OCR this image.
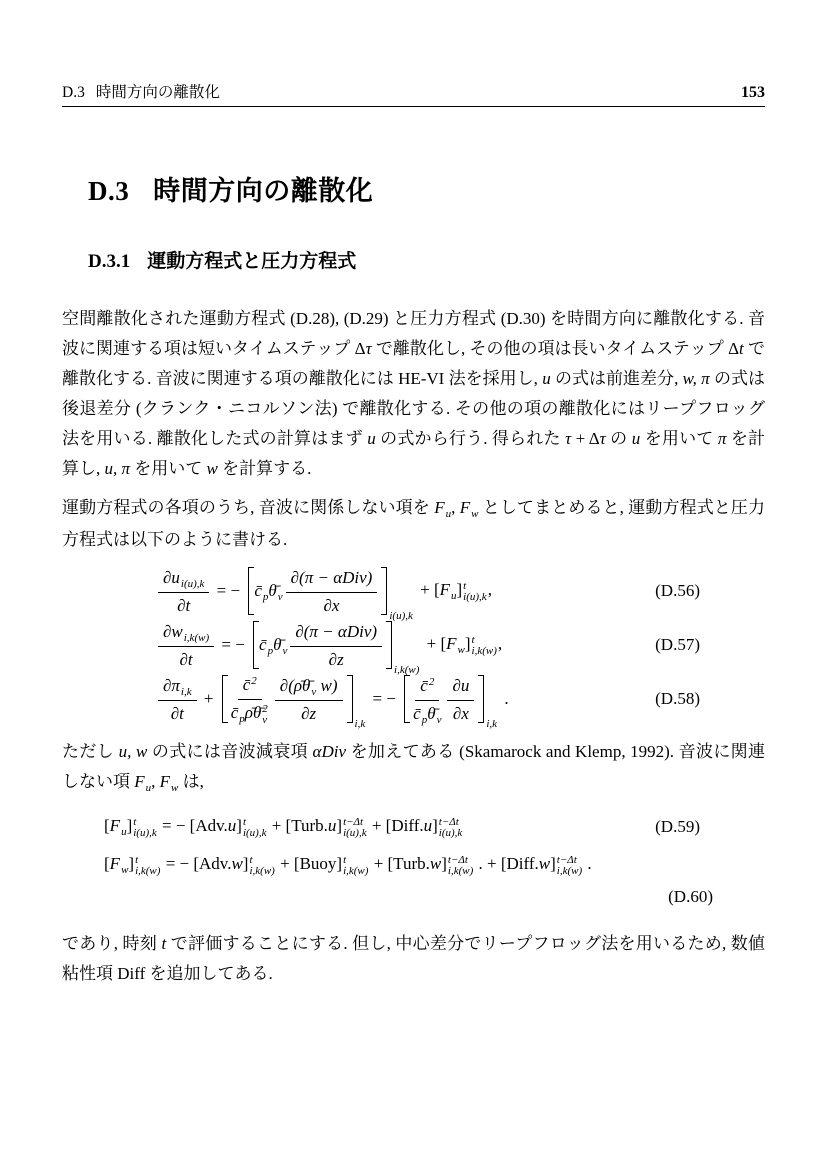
D.3 時間方向の離散化	153
D.3 時間方向の離散化
D.3.1 運動方程式と圧力方程式

空間離散化された運動方程式 (D.28), (D.29) と圧力方程式 (D.30) を時間方向に離散化する. 音波に関連する項は短いタイムステップ Δτ で離散化し, その他の項は長いタイムステップ Δt で離散化する. 音波に関連する項の離散化には HE-VI 法を採用し, u の式は前進差分, w, π の式は後退差分 (クランク・ニコルソン法) で離散化する. その他の項の離散化にはリープフロッグ法を用いる. 離散化した式の計算はまず u の式から行う. 得られた τ + Δτ の u を用いて π を計算し, u, π を用いて w を計算する.

運動方程式の各項のうち, 音波に関係しない項を $F_u$, $F_w$ としてまとめると, 運動方程式と圧力方程式は以下のように書ける.

$\frac{\partial u_{i(u),k}}{\partial t}$ = − $c̄_p\thetā_v \frac{\text{∂(π − αDiv)}}{\partial x} i(u),k$
+ $[F_u]$ t
i(u),k ,	(D.56)
$\frac{\partial w_{i,k(w)}}{\partial t}$ = − $c̄_p\thetā_v \frac{\text{∂(π − αDiv)}}{\partial z} i,k(w)$
+ $[F_w]$ t
i,k(w) ,	(D.57)
$\frac{\partial\pi_{i,k}}{\partial t}$ + c̄$^2$
$c̄_p\rhō\thetā$ 2
v $\frac{\partial(\rhō\thetā_v w)}{\partial z} i,k$
= − $\frac{c̄^2}{c̄_p\thetā_v} \frac{\partial u}{\partial x} i,k$
.	(D.58)

ただし u, w の式には音波減衰項 αDiv を加えてある (Skamarock and Klemp, 1992). 音波に関連しない項 $F_u$, $F_w$ は,

$[F_u]$ t
i(u),k = − [Adv.u] t
i(u),k + [Turb.u] t−Δt
i(u),k + [Diff.u] t−Δt
i(u),k	(D.59)
$[F_w]$ t
i,k(w) = − [Adv.w] t
i,k(w) + [Buoy] t
i,k(w) + [Turb.w] t−Δt
i,k(w) . + [Diff.w] t−Δt
i,k(w) .
(D.60)

であり, 時刻 t で評価することにする. 但し, 中心差分でリープフロッグ法を用いるため, 数値粘性項 Diff を追加してある.
